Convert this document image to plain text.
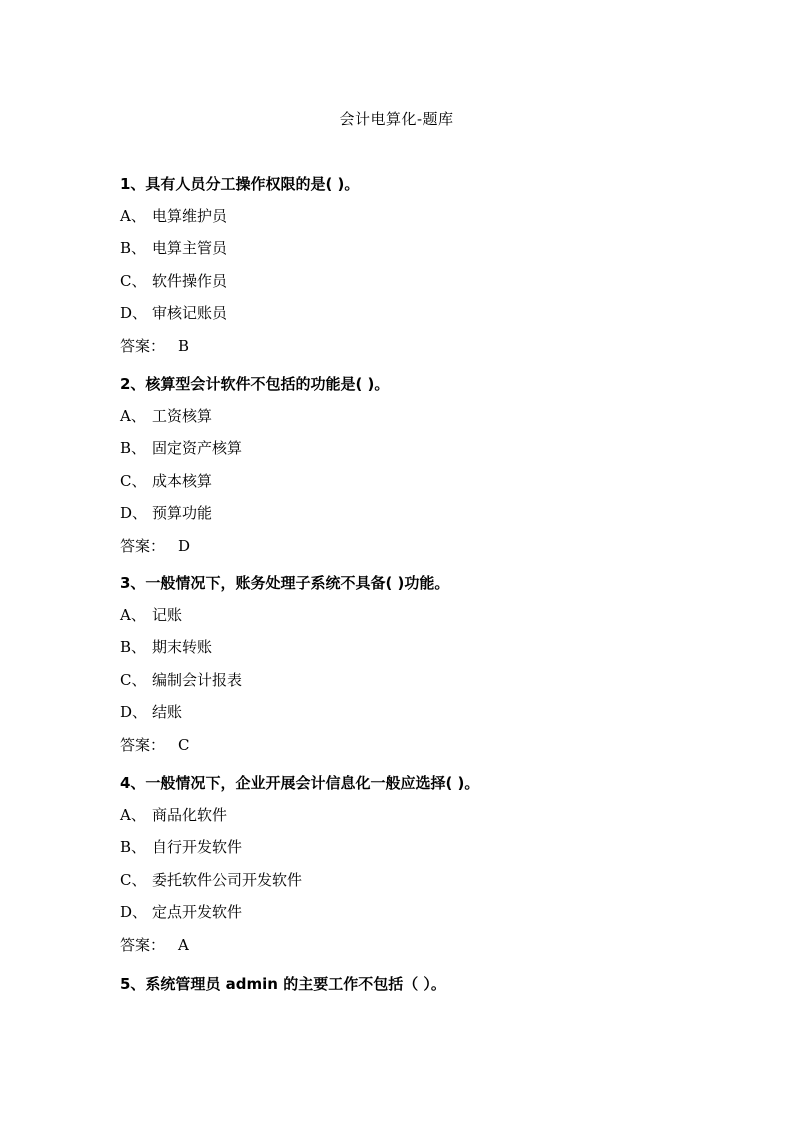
会计电算化-题库
1、具有人员分工操作权限的是( )。
A、 电算维护员
B、 电算主管员
C、 软件操作员
D、 审核记账员
答案： B
2、核算型会计软件不包括的功能是( )。
A、 工资核算
B、 固定资产核算
C、 成本核算
D、 预算功能
答案： D
3、一般情况下，账务处理子系统不具备( )功能。
A、 记账
B、 期末转账
C、 编制会计报表
D、 结账
答案： C
4、一般情况下，企业开展会计信息化一般应选择( )。
A、 商品化软件
B、 自行开发软件
C、 委托软件公司开发软件
D、 定点开发软件
答案： A
5、系统管理员 admin 的主要工作不包括（ ）。
